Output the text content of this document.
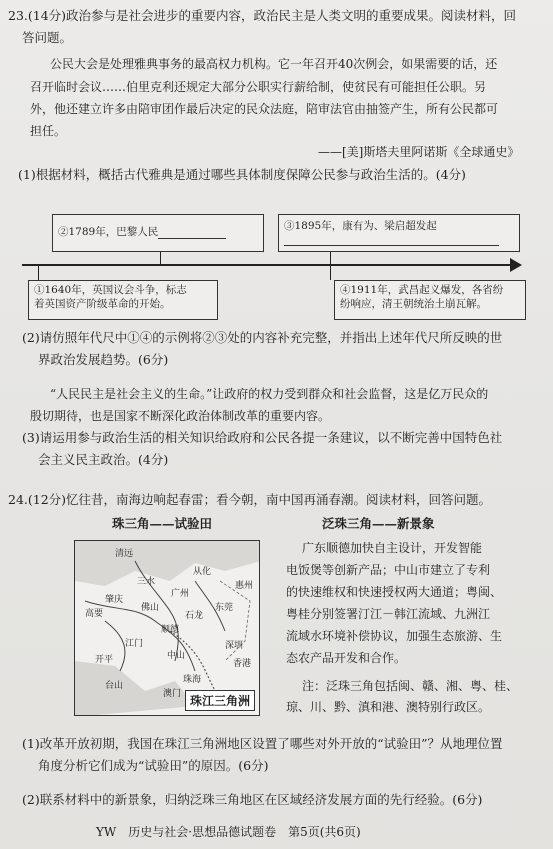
23.(14分)政治参与是社会进步的重要内容，政治民主是人类文明的重要成果。阅读材料，回
答问题。
公民大会是处理雅典事务的最高权力机构。它一年召开40次例会，如果需要的话，还
召开临时会议……伯里克利还规定大部分公职实行薪给制，使贫民有可能担任公职。另
外，他还建立许多由陪审团作最后决定的民众法庭，陪审法官由抽签产生，所有公民都可
担任。
——[美]斯塔夫里阿诺斯《全球通史》
(1)根据材料，概括古代雅典是通过哪些具体制度保障公民参与政治生活的。(4分)
②1789年，巴黎人民	③1895年，康有为、梁启超发起
①1640年，英国议会斗争，标志
着英国资产阶级革命的开始。
④1911年，武昌起义爆发，各省纷
纷响应，清王朝统治土崩瓦解。
(2)请仿照年代尺中①④的示例将②③处的内容补充完整，并指出上述年代尺所反映的世
界政治发展趋势。(6分)
“人民民主是社会主义的生命。”让政府的权力受到群众和社会监督，这是亿万民众的
殷切期待，也是国家不断深化政治体制改革的重要内容。
(3)请运用参与政治生活的相关知识给政府和公民各提一条建议，以不断完善中国特色社
会主义民主政治。(4分)
24.(12分)忆往昔，南海边响起春雷；看今朝，南中国再涌春潮。阅读材料，回答问题。
珠三角——试验田	泛珠三角——新景象
清远
从化
广州
东莞
石龙
惠州
三水
佛山
高要
肇庆
顺德
深圳
江门
开平	中山
珠海
台山
香港
澳门 珠江三角洲
广东顺德加快自主设计，开发智能
电饭煲等创新产品；中山市建立了专利
的快速维权和快速授权两大通道；粤闽、
粤桂分别签署汀江－韩江流域、九洲江
流域水环境补偿协议，加强生态旅游、生
态农产品开发和合作。
注：泛珠三角包括闽、赣、湘、粤、桂、
琼、川、黔、滇和港、澳特别行政区。
(1)改革开放初期，我国在珠江三角洲地区设置了哪些对外开放的“试验田”？从地理位置
角度分析它们成为“试验田”的原因。(6分)
(2)联系材料中的新景象，归纳泛珠三角地区在区域经济发展方面的先行经验。(6分)
YW　历史与社会·思想品德试题卷　第5页(共6页)
